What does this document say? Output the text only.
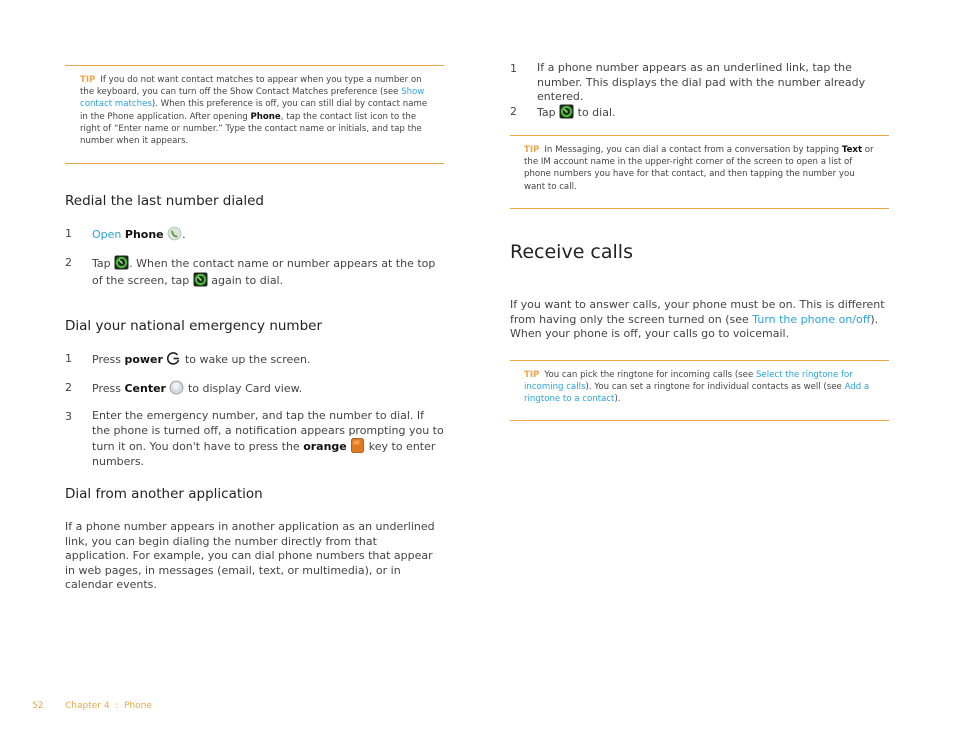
TIP If you do not want contact matches to appear when you type a number on the keyboard, you can turn off the Show Contact Matches preference (see Show contact matches). When this preference is off, you can still dial by contact name in the Phone application. After opening Phone, tap the contact list icon to the right of “Enter name or number.” Type the contact name or initials, and tap the number when it appears.
Redial the last number dialed
1 Open Phone .
2 Tap . When the contact name or number appears at the top of the screen, tap again to dial.
Dial your national emergency number
1 Press power to wake up the screen.
2 Press Center to display Card view.
3 Enter the emergency number, and tap the number to dial. If the phone is turned off, a notification appears prompting you to turn it on. You don't have to press the orange key to enter numbers.
Dial from another application
If a phone number appears in another application as an underlined link, you can begin dialing the number directly from that application. For example, you can dial phone numbers that appear in web pages, in messages (email, text, or multimedia), or in calendar events.
1 If a phone number appears as an underlined link, tap the number. This displays the dial pad with the number already entered.
2 Tap to dial.
TIP In Messaging, you can dial a contact from a conversation by tapping Text or the IM account name in the upper-right corner of the screen to open a list of phone numbers you have for that contact, and then tapping the number you want to call.
Receive calls
If you want to answer calls, your phone must be on. This is different from having only the screen turned on (see Turn the phone on/off). When your phone is off, your calls go to voicemail.
TIP You can pick the ringtone for incoming calls (see Select the ringtone for incoming calls). You can set a ringtone for individual contacts as well (see Add a ringtone to a contact).
52 Chapter 4  :  Phone
